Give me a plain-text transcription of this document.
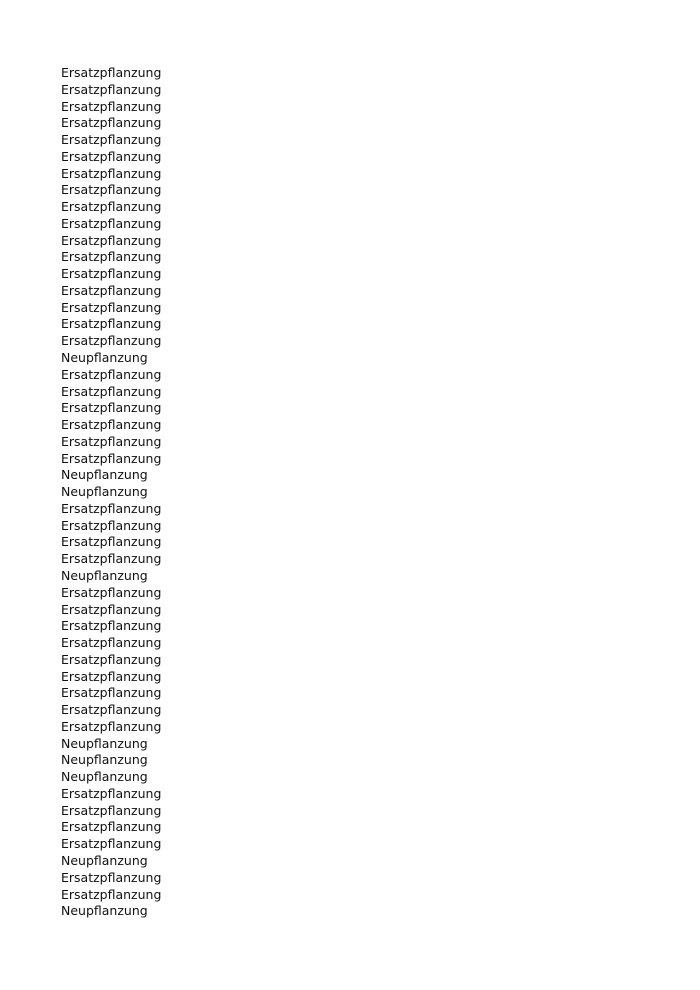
Ersatzpflanzung
Ersatzpflanzung
Ersatzpflanzung
Ersatzpflanzung
Ersatzpflanzung
Ersatzpflanzung
Ersatzpflanzung
Ersatzpflanzung
Ersatzpflanzung
Ersatzpflanzung
Ersatzpflanzung
Ersatzpflanzung
Ersatzpflanzung
Ersatzpflanzung
Ersatzpflanzung
Ersatzpflanzung
Ersatzpflanzung
Neupflanzung
Ersatzpflanzung
Ersatzpflanzung
Ersatzpflanzung
Ersatzpflanzung
Ersatzpflanzung
Ersatzpflanzung
Neupflanzung
Neupflanzung
Ersatzpflanzung
Ersatzpflanzung
Ersatzpflanzung
Ersatzpflanzung
Neupflanzung
Ersatzpflanzung
Ersatzpflanzung
Ersatzpflanzung
Ersatzpflanzung
Ersatzpflanzung
Ersatzpflanzung
Ersatzpflanzung
Ersatzpflanzung
Ersatzpflanzung
Neupflanzung
Neupflanzung
Neupflanzung
Ersatzpflanzung
Ersatzpflanzung
Ersatzpflanzung
Ersatzpflanzung
Neupflanzung
Ersatzpflanzung
Ersatzpflanzung
Neupflanzung
